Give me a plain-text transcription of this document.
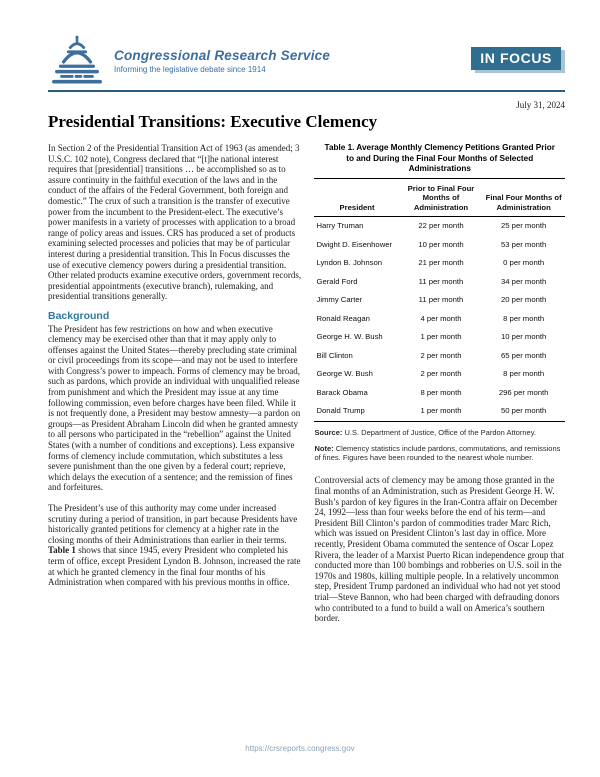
Congressional Research Service
Informing the legislative debate since 1914
IN FOCUS
July 31, 2024
Presidential Transitions: Executive Clemency

In Section 2 of the Presidential Transition Act of 1963 (as amended; 3 U.S.C. 102 note), Congress declared that “[t]he national interest requires that [presidential] transitions … be accomplished so as to assure continuity in the faithful execution of the laws and in the conduct of the affairs of the Federal Government, both foreign and domestic.” The crux of such a transition is the transfer of executive power from the incumbent to the President-elect. The executive’s power manifests in a variety of processes with application to a broad range of policy areas and issues. CRS has produced a set of products examining selected processes and policies that may be of particular interest during a presidential transition. This In Focus discusses the use of executive clemency powers during a presidential transition. Other related products examine executive orders, government records, presidential appointments (executive branch), rulemaking, and presidential transitions generally.

Background

The President has few restrictions on how and when executive clemency may be exercised other than that it may apply only to offenses against the United States—thereby precluding state criminal or civil proceedings from its scope—and may not be used to interfere with Congress’s power to impeach. Forms of clemency may be broad, such as pardons, which provide an individual with unqualified release from punishment and which the President may issue at any time following commission, even before charges have been filed. While it is not frequently done, a President may bestow amnesty—a pardon on groups—as President Abraham Lincoln did when he granted amnesty to all persons who participated in the “rebellion” against the United States (with a number of conditions and exceptions). Less expansive forms of clemency include commutation, which substitutes a less severe punishment than the one given by a federal court; reprieve, which delays the execution of a sentence; and the remission of fines and forfeitures.

The President’s use of this authority may come under increased scrutiny during a period of transition, in part because Presidents have historically granted petitions for clemency at a higher rate in the closing months of their Administrations than earlier in their terms. Table 1 shows that since 1945, every President who completed his term of office, except President Lyndon B. Johnson, increased the rate at which he granted clemency in the final four months of his Administration when compared with his previous months in office.

Table 1. Average Monthly Clemency Petitions Granted Prior to and During the Final Four Months of Selected Administrations
President	Prior to Final Four Months of Administration	Final Four Months of Administration
Harry Truman	22 per month	25 per month
Dwight D. Eisenhower	10 per month	53 per month
Lyndon B. Johnson	21 per month	0 per month
Gerald Ford	11 per month	34 per month
Jimmy Carter	11 per month	20 per month
Ronald Reagan	4 per month	8 per month
George H. W. Bush	1 per month	10 per month
Bill Clinton	2 per month	65 per month
George W. Bush	2 per month	8 per month
Barack Obama	8 per month	296 per month
Donald Trump	1 per month	50 per month
Source: U.S. Department of Justice, Office of the Pardon Attorney.
Note: Clemency statistics include pardons, commutations, and remissions of fines. Figures have been rounded to the nearest whole number.

Controversial acts of clemency may be among those granted in the final months of an Administration, such as President George H. W. Bush’s pardon of key figures in the Iran-Contra affair on December 24, 1992—less than four weeks before the end of his term—and President Bill Clinton’s pardon of commodities trader Marc Rich, which was issued on President Clinton’s last day in office. More recently, President Obama commuted the sentence of Oscar Lopez Rivera, the leader of a Marxist Puerto Rican independence group that conducted more than 100 bombings and robberies on U.S. soil in the 1970s and 1980s, killing multiple people. In a relatively uncommon step, President Trump pardoned an individual who had not yet stood trial—Steve Bannon, who had been charged with defrauding donors who contributed to a fund to build a wall on America’s southern border.

https://crsreports.congress.gov
